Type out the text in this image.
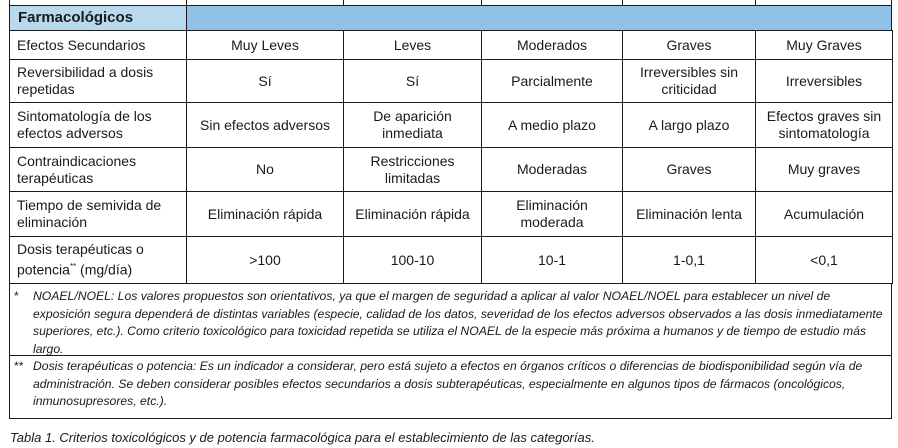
Farmacológicos
Efectos Secundarios	Muy Leves	Leves	Moderados	Graves	Muy Graves
Reversibilidad a dosis repetidas	Sí	Sí	Parcialmente	Irreversibles sin criticidad	Irreversibles
Sintomatología de los efectos adversos	Sin efectos adversos	De aparición inmediata	A medio plazo	A largo plazo	Efectos graves sin sintomatología
Contraindicaciones terapéuticas	No	Restricciones limitadas	Moderadas	Graves	Muy graves
Tiempo de semivida de eliminación	Eliminación rápida	Eliminación rápida	Eliminación moderada	Eliminación lenta	Acumulación
Dosis terapéuticas o potencia** (mg/día)	>100	100-10	10-1	1-0,1	<0,1
*	NOAEL/NOEL: Los valores propuestos son orientativos, ya que el margen de seguridad a aplicar al valor NOAEL/NOEL para establecer un nivel de exposición segura dependerá de distintas variables (especie, calidad de los datos, severidad de los efectos adversos observados a las dosis inmediatamente superiores, etc.). Como criterio toxicológico para toxicidad repetida se utiliza el NOAEL de la especie más próxima a humanos y de tiempo de estudio más largo.
** Dosis terapéuticas o potencia: Es un indicador a considerar, pero está sujeto a efectos en órganos críticos o diferencias de biodisponibilidad según vía de administración. Se deben considerar posibles efectos secundarios a dosis subterapéuticas, especialmente en algunos tipos de fármacos (oncológicos, inmunosupresores, etc.).
Tabla 1. Criterios toxicológicos y de potencia farmacológica para el establecimiento de las categorías.
